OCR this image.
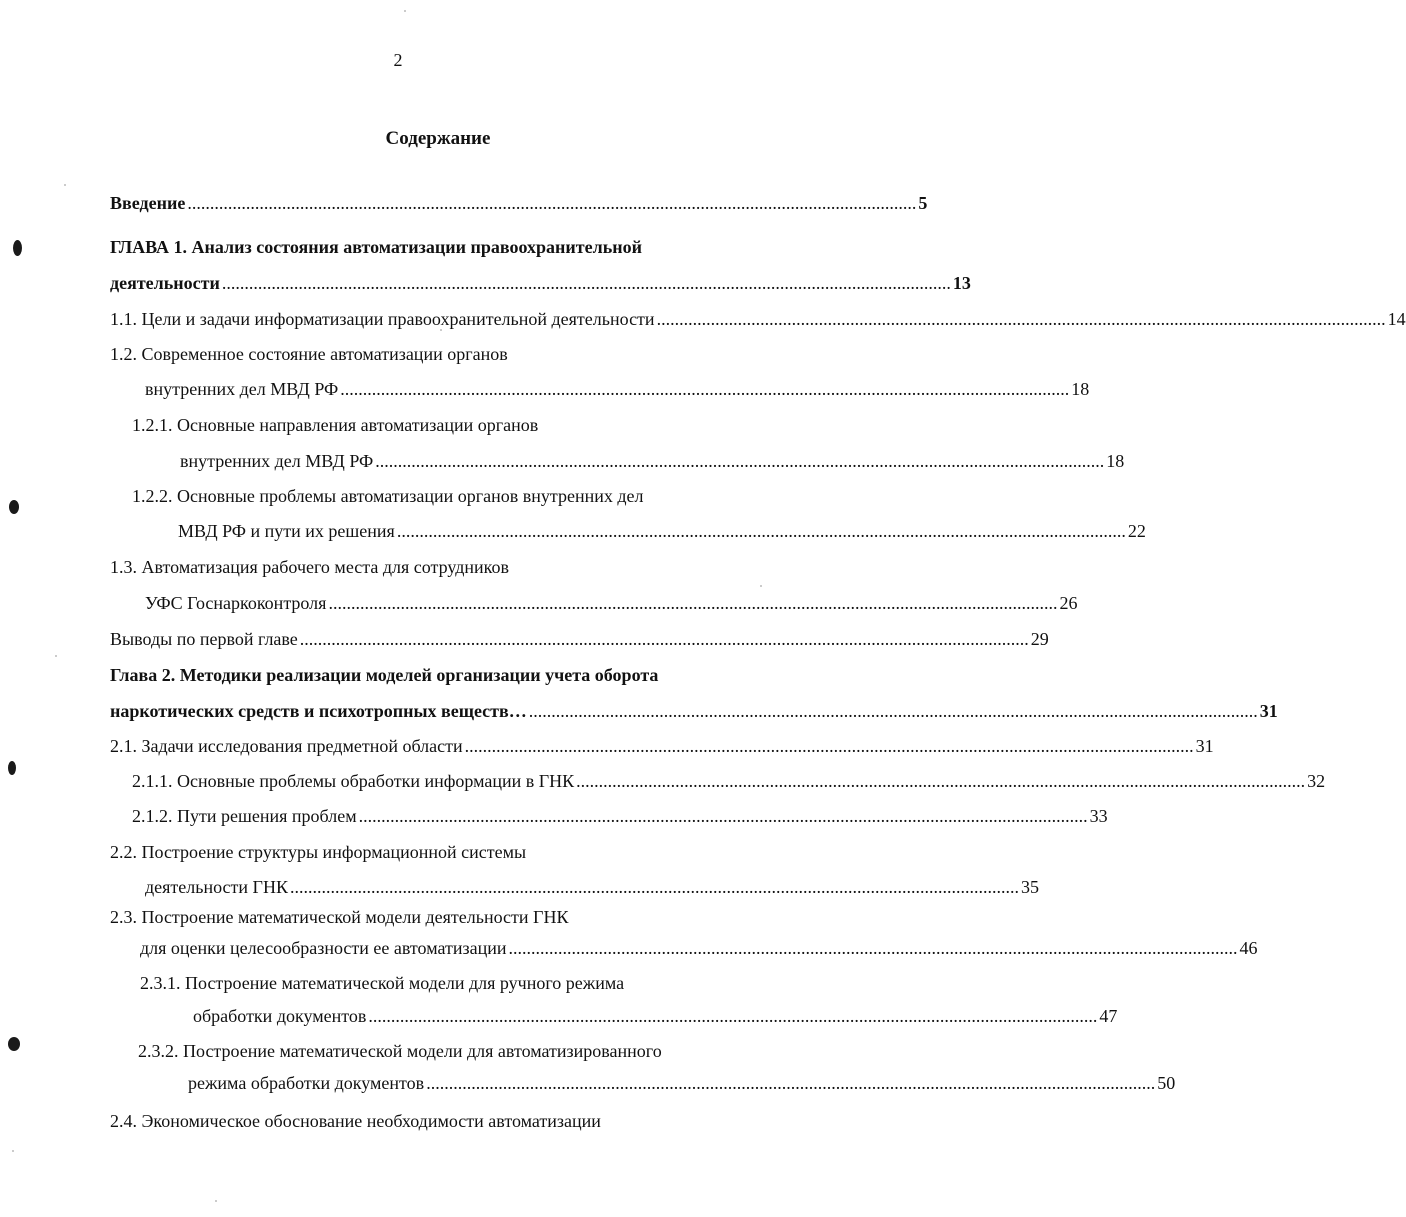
2
Содержание
Введение .................................................................................................................................................................. 5
ГЛАВА 1. Анализ состояния автоматизации правоохранительной
деятельности .................................................................................................................................................................. 13
1.1. Цели и задачи информатизации правоохранительной деятельности .................................................................................................................................................................. 14
1.2. Современное состояние автоматизации органов
внутренних дел МВД РФ .................................................................................................................................................................. 18
1.2.1. Основные направления автоматизации органов
внутренних дел МВД РФ .................................................................................................................................................................. 18
1.2.2. Основные проблемы автоматизации органов внутренних дел
МВД РФ и пути их решения .................................................................................................................................................................. 22
1.3. Автоматизация рабочего места для сотрудников
УФС Госнаркоконтроля .................................................................................................................................................................. 26
Выводы по первой главе .................................................................................................................................................................. 29
Глава 2. Методики реализации моделей организации учета оборота
наркотических средств и психотропных веществ… .................................................................................................................................................................. 31
2.1. Задачи исследования предметной области .................................................................................................................................................................. 31
2.1.1. Основные проблемы обработки информации в ГНК .................................................................................................................................................................. 32
2.1.2. Пути решения проблем .................................................................................................................................................................. 33
2.2. Построение структуры информационной системы
деятельности ГНК .................................................................................................................................................................. 35
2.3. Построение математической модели деятельности ГНК
для оценки целесообразности ее автоматизации .................................................................................................................................................................. 46
2.3.1. Построение математической модели для ручного режима
обработки документов .................................................................................................................................................................. 47
2.3.2. Построение математической модели для автоматизированного
режима обработки документов .................................................................................................................................................................. 50
2.4. Экономическое обоснование необходимости автоматизации
